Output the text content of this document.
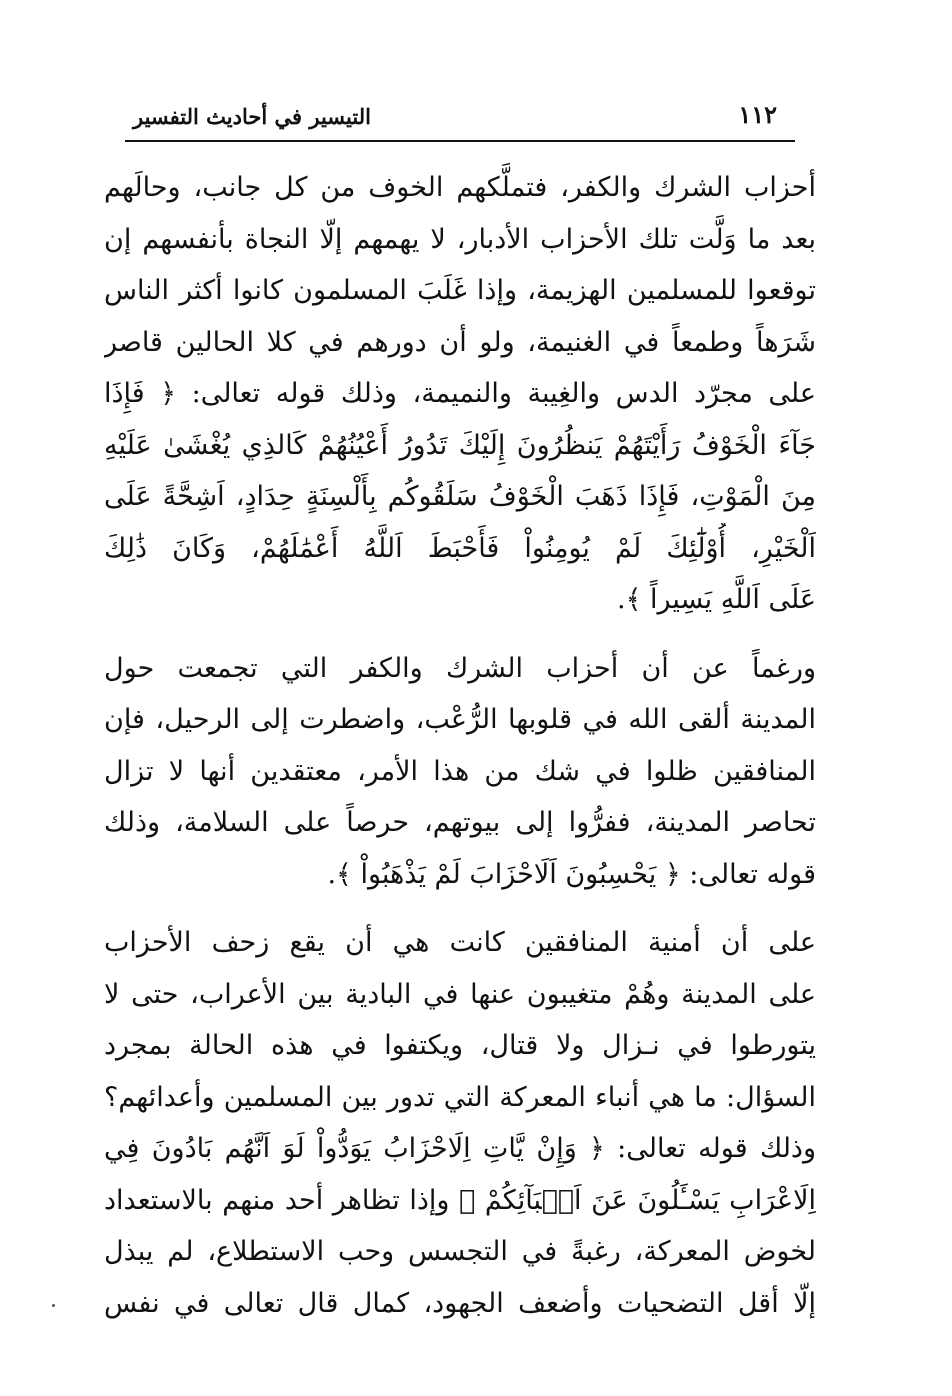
١١٢
التيسير في أحاديث التفسير
أحزاب الشرك والكفر، فتملَّكهم الخوف من كل جانب، وحالَهم
بعد ما وَلَّت تلك الأحزاب الأدبار، لا يهمهم إلّا النجاة بأنفسهم إن
توقعوا للمسلمين الهزيمة، وإذا غَلَبَ المسلمون كانوا أكثر الناس
شَرَهاً وطمعاً في الغنيمة، ولو أن دورهم في كلا الحالين قاصر
على مجرّد الدس والغِيبة والنميمة، وذلك قوله تعالى: ﴿ فَإِذَا
جَآءَ الْخَوْفُ رَأَيْتَهُمْ يَنظُرُونَ إِلَيْكَ تَدُورُ أَعْيُنُهُمْ كَالذِي يُغْشَىٰ عَلَيْهِ
مِنَ الْمَوْتِ، فَإِذَا ذَهَبَ الْخَوْفُ سَلَقُوكُم بِأَلْسِنَةٍ حِدَادٍ، اَشِحَّةً عَلَى
اَلْخَيْرِ، أُوْلَٰٓئِكَ لَمْ يُومِنُواْ فَأَحْبَطَ اَللَّهُ أَعْمَٰلَهُمْ، وَكَانَ ذَٰلِكَ
عَلَى اَللَّهِ يَسِيراً ﴾.
ورغماً عن أن أحزاب الشرك والكفر التي تجمعت حول
المدينة ألقى الله في قلوبها الرُّعْب، واضطرت إلى الرحيل، فإن
المنافقين ظلوا في شك من هذا الأمر، معتقدين أنها لا تزال
تحاصر المدينة، ففرُّوا إلى بيوتهم، حرصاً على السلامة، وذلك
قوله تعالى: ﴿ يَحْسِبُونَ اَلَاحْزَابَ لَمْ يَذْهَبُواْ ﴾.
على أن أمنية المنافقين كانت هي أن يقع زحف الأحزاب
على المدينة وهُمْ متغيبون عنها في البادية بين الأعراب، حتى لا
يتورطوا في نـزال ولا قتال، ويكتفوا في هذه الحالة بمجرد
السؤال: ما هي أنباء المعركة التي تدور بين المسلمين وأعدائهم؟
وذلك قوله تعالى: ﴿ وَإِنْ يَّاتِ اِلَاحْزَابُ يَوَدُّواْ لَوَ اَنَّهُم بَادُونَ فِي
اِلَاعْرَابِ يَسْـَٔلُونَ عَنَ اَنۢبَآئِكُمْ ﴾ وإذا تظاهر أحد منهم بالاستعداد
لخوض المعركة، رغبةً في التجسس وحب الاستطلاع، لم يبذل
إلّا أقل التضحيات وأضعف الجهود، كمال قال تعالى في نفس
